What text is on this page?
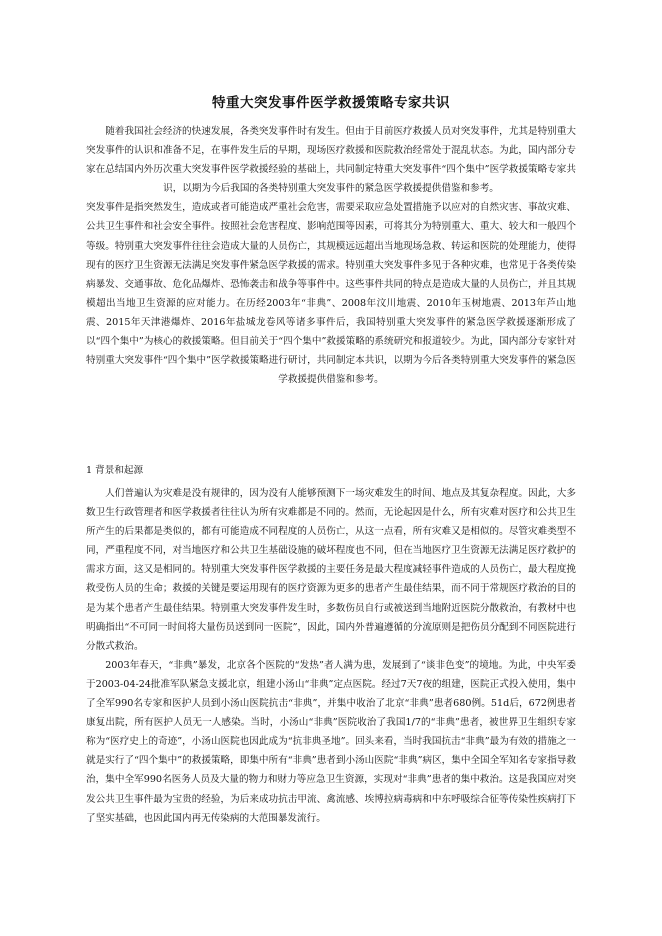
特重大突发事件医学救援策略专家共识

随着我国社会经济的快速发展，各类突发事件时有发生。但由于目前医疗救援人员对突发事件，尤其是特别重大突发事件的认识和准备不足，在事件发生后的早期，现场医疗救援和医院救治经常处于混乱状态。为此，国内部分专家在总结国内外历次重大突发事件医学救援经验的基础上，共同制定特重大突发事件“四个集中”医学救援策略专家共识，以期为今后我国的各类特别重大突发事件的紧急医学救援提供借鉴和参考。

突发事件是指突然发生，造成或者可能造成严重社会危害，需要采取应急处置措施予以应对的自然灾害、事故灾难、公共卫生事件和社会安全事件。按照社会危害程度、影响范围等因素，可将其分为特别重大、重大、较大和一般四个等级。特别重大突发事件往往会造成大量的人员伤亡，其规模远远超出当地现场急救、转运和医院的处理能力，使得现有的医疗卫生资源无法满足突发事件紧急医学救援的需求。特别重大突发事件多见于各种灾难，也常见于各类传染病暴发、交通事故、危化品爆炸、恐怖袭击和战争等事件中。这些事件共同的特点是造成大量的人员伤亡，并且其规模超出当地卫生资源的应对能力。在历经2003年“非典”、2008年汶川地震、2010年玉树地震、2013年芦山地震、2015年天津港爆炸、2016年盐城龙卷风等诸多事件后，我国特别重大突发事件的紧急医学救援逐渐形成了以“四个集中”为核心的救援策略。但目前关于“四个集中”救援策略的系统研究和报道较少。为此，国内部分专家针对特别重大突发事件“四个集中”医学救援策略进行研讨，共同制定本共识，以期为今后各类特别重大突发事件的紧急医学救援提供借鉴和参考。

1 背景和起源

人们普遍认为灾难是没有规律的，因为没有人能够预测下一场灾难发生的时间、地点及其复杂程度。因此，大多数卫生行政管理者和医学救援者往往认为所有灾难都是不同的。然而，无论起因是什么，所有灾难对医疗和公共卫生所产生的后果都是类似的，都有可能造成不同程度的人员伤亡，从这一点看，所有灾难又是相似的。尽管灾难类型不同，严重程度不同，对当地医疗和公共卫生基础设施的破坏程度也不同，但在当地医疗卫生资源无法满足医疗救护的需求方面，这又是相同的。特别重大突发事件医学救援的主要任务是最大程度减轻事件造成的人员伤亡，最大程度挽救受伤人员的生命；救援的关键是要运用现有的医疗资源为更多的患者产生最佳结果，而不同于常规医疗救治的目的是为某个患者产生最佳结果。特别重大突发事件发生时，多数伤员自行或被送到当地附近医院分散救治，有教材中也明确指出“不可同一时间将大量伤员送到同一医院”，因此，国内外普遍遵循的分流原则是把伤员分配到不同医院进行分散式救治。

2003年春天，“非典”暴发，北京各个医院的“发热”者人满为患，发展到了“谈非色变”的境地。为此，中央军委于2003-04-24批准军队紧急支援北京，组建小汤山“非典”定点医院。经过7天7夜的组建，医院正式投入使用，集中了全军990名专家和医护人员到小汤山医院抗击“非典”，并集中收治了北京“非典”患者680例。51d后，672例患者康复出院，所有医护人员无一人感染。当时，小汤山“非典”医院收治了我国1/7的“非典”患者，被世界卫生组织专家称为“医疗史上的奇迹”，小汤山医院也因此成为“抗非典圣地”。回头来看，当时我国抗击“非典”最为有效的措施之一就是实行了“四个集中”的救援策略，即集中所有“非典”患者到小汤山医院“非典”病区，集中全国全军知名专家指导救治，集中全军990名医务人员及大量的物力和财力等应急卫生资源，实现对“非典”患者的集中救治。这是我国应对突发公共卫生事件最为宝贵的经验，为后来成功抗击甲流、禽流感、埃博拉病毒病和中东呼吸综合征等传染性疾病打下了坚实基础，也因此国内再无传染病的大范围暴发流行。
